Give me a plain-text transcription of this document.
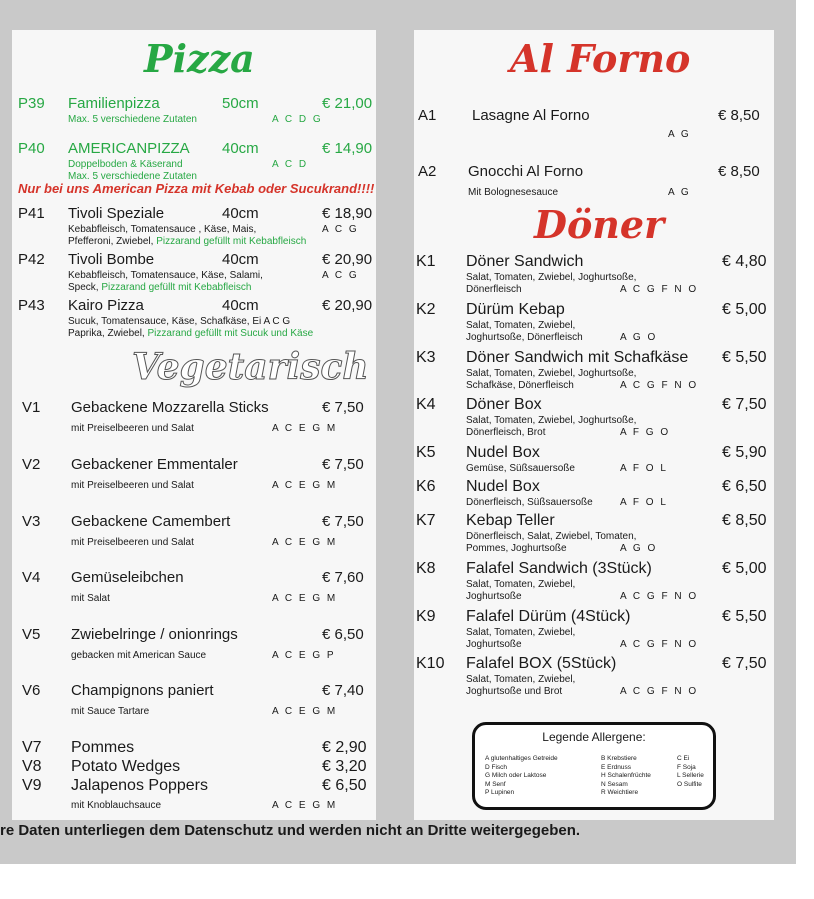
Pizza
P39 Familienpizza	50cm	€ 21,00
Max. 5 verschiedene Zutaten	A C D G
P40 AMERICANPIZZA 40cm	€ 14,90
Doppelboden & Käserand	A C D
Max. 5 verschiedene Zutaten
Nur bei uns American Pizza mit Kebab oder Sucukrand!!!!
P41 Tivoli Speziale	40cm	€ 18,90
Kebabfleisch, Tomatensauce , Käse, Mais,	A C G
Pfefferoni, Zwiebel, Pizzarand gefüllt mit Kebabfleisch
P42 Tivoli Bombe	40cm	€ 20,90
Kebabfleisch, Tomatensauce, Käse, Salami,	A C G
Speck, Pizzarand gefüllt mit Kebabfleisch
P43 Kairo Pizza	40cm	€ 20,90
Sucuk, Tomatensauce, Käse, Schafkäse, Ei A C G
Paprika, Zwiebel, Pizzarand gefüllt mit Sucuk und Käse
Vegetarisch
V1 Gebackene Mozzarella Sticks	€ 7,50
mit Preiselbeeren und Salat	A C E G M
V2 Gebackener Emmentaler	€ 7,50
mit Preiselbeeren und Salat	A C E G M
V3 Gebackene Camembert	€ 7,50
mit Preiselbeeren und Salat	A C E G M
V4 Gemüseleibchen	€ 7,60
mit Salat	A C E G M
V5 Zwiebelringe / onionrings	€ 6,50
gebacken mit American Sauce	A C E G P
V6 Champignons paniert	€ 7,40
mit Sauce Tartare	A C E G M
V7 Pommes	€ 2,90
V8 Potato Wedges	€ 3,20
V9 Jalapenos Poppers	€ 6,50
mit Knoblauchsauce	A C E G M
Al Forno
A1 Lasagne Al Forno	€ 8,50
A G
A2 Gnocchi Al Forno	€ 8,50
Mit Bolognesesauce	A G
Döner
K1 Döner Sandwich	€ 4,80
Salat, Tomaten, Zwiebel, Joghurtsoße,
Dönerfleisch	A C G F N O
K2 Dürüm Kebap	€ 5,00
Salat, Tomaten, Zwiebel,
Joghurtsoße, Dönerfleisch	A G O
K3 Döner Sandwich mit Schafkäse € 5,50
Salat, Tomaten, Zwiebel, Joghurtsoße,
Schafkäse, Dönerfleisch	A C G F N O
K4 Döner Box	€ 7,50
Salat, Tomaten, Zwiebel, Joghurtsoße,
Dönerfleisch, Brot	A F G O
K5 Nudel Box	€ 5,90
Gemüse, Süßsauersoße	A F O L
K6 Nudel Box	€ 6,50
Dönerfleisch, Süßsauersoße	A F O L
K7 Kebap Teller	€ 8,50
Dönerfleisch, Salat, Zwiebel, Tomaten,
Pommes, Joghurtsoße	A G O
K8 Falafel Sandwich (3Stück)	€ 5,00
Salat, Tomaten, Zwiebel,
Joghurtsoße	A C G F N O
K9 Falafel Dürüm (4Stück)	€ 5,50
Salat, Tomaten, Zwiebel,
Joghurtsoße	A C G F N O
K10 Falafel BOX (5Stück)	€ 7,50
Salat, Tomaten, Zwiebel,
Joghurtsoße und Brot	A C G F N O
Legende Allergene:
A glutenhaltiges Getreide
D Fisch
G Milch oder Laktose
M Senf
P Lupinen
B Krebstiere
E Erdnuss
H Schalenfrüchte
N Sesam
R Weichtiere
C Ei
F Soja
L Sellerie
O Sulfite
re Daten unterliegen dem Datenschutz und werden nicht an Dritte weitergegeben.
